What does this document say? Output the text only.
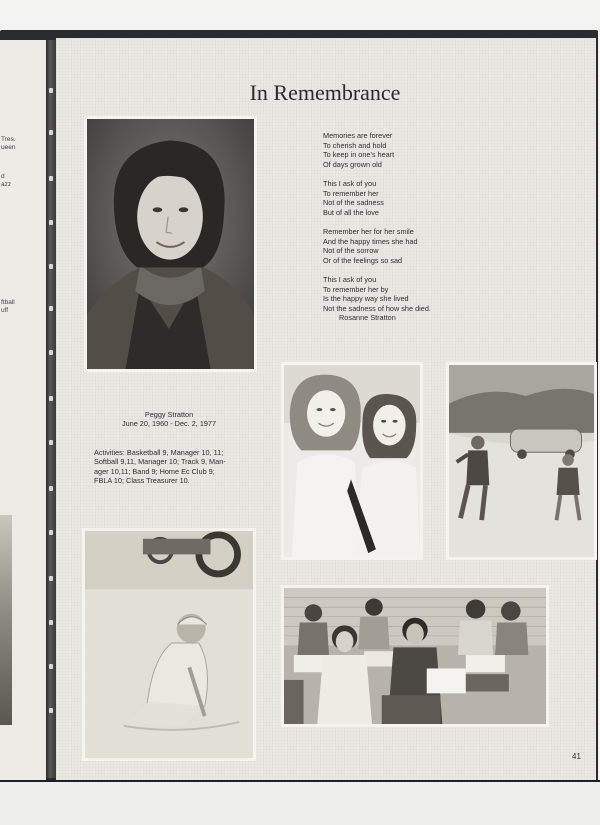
Tres.
ueen
d
azz
ftball
uff
In Remembrance
Memories are forever
To cherish and hold
To keep in one's heart
Of days grown old
This I ask of you
To remember her
Not of the sadness
But of all the love
Remember her for her smile
And the happy times she had
Not of the sorrow
Or of the feelings so sad
This I ask of you
To remember her by
Is the happy way she lived
Not the sadness of how she died.
Rosanne Stratton
Peggy Stratton
June 20, 1960 - Dec. 2, 1977
Activities: Basketball 9, Manager 10, 11;
Softball 9,11, Manager 10; Track 9, Man-
ager 10,11; Band 9; Home Ec Club 9;
FBLA 10; Class Treasurer 10.
41
